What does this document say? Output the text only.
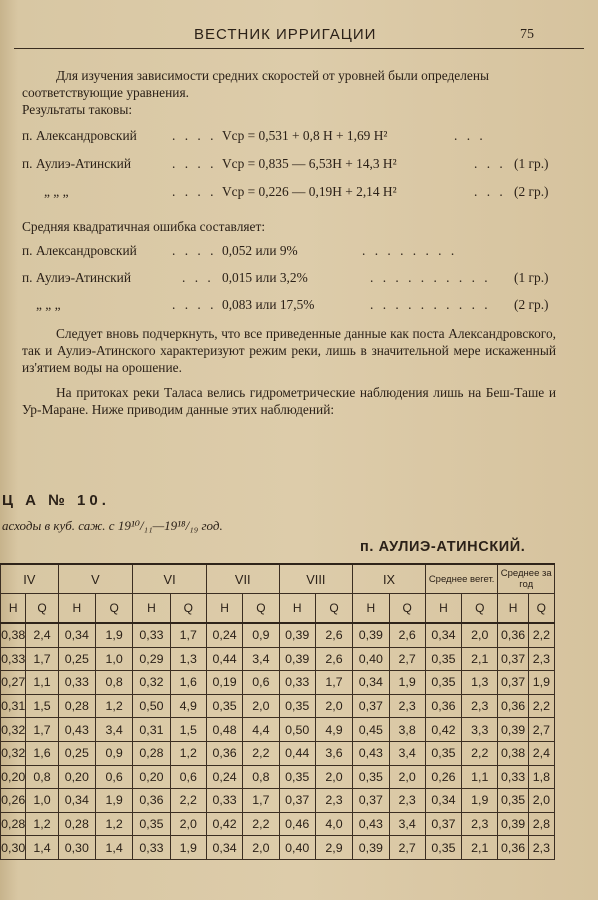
ВЕСТНИК ИРРИГАЦИИ	75
Для изучения зависимости средних скоростей от уровней были определены
соответствующие уравнения.
Результаты таковы:
п. Александровский	. . . . Vср = 0,531 + 0,8 H + 1,69 H²	. . .
п. Аулиэ-Атинский	. . . . Vср = 0,835 — 6,53H + 14,3 H²	. . . (1 гр.)
„ „ „	. . . . Vср = 0,226 — 0,19H + 2,14 H²	. . . (2 гр.)
Средняя квадратичная ошибка составляет:
п. Александровский	. . . . 0,052 или 9%	. . . . . . . .
п. Аулиэ-Атинский	. . . 0,015 или 3,2%	. . . . . . . . . . (1 гр.)
„ „ „	. . . . 0,083 или 17,5%	. . . . . . . . . . (2 гр.)
Следует вновь подчеркнуть, что все приведенные данные как поста Александровского, так и Аулиэ-Атинского характеризуют режим реки, лишь в значительной мере искаженный из'ятием воды на орошение.
На притоках реки Таласа велись гидрометрические наблюдения лишь на Беш-Таше и Ур-Маране. Ниже приводим данные этих наблюдений:
Ц А № 10.
асходы в куб. саж. с 19¹⁰/₁₁—19¹⁸/₁₉ год.
п. АУЛИЭ-АТИНСКИЙ.
IV		V		VI		VII		VIII		IX		Среднее вегет.		Среднее за год	
H	Q	H	Q	H	Q	H	Q	H	Q	H	Q	H	Q	H	Q
0,38	2,4	0,34	1,9	0,33	1,7	0,24	0,9	0,39	2,6	0,39	2,6	0,34	2,0	0,36	2,2
0,33	1,7	0,25	1,0	0,29	1,3	0,44	3,4	0,39	2,6	0,40	2,7	0,35	2,1	0,37	2,3
0,27	1,1	0,33	0,8	0,32	1,6	0,19	0,6	0,33	1,7	0,34	1,9	0,35	1,3	0,37	1,9
0,31	1,5	0,28	1,2	0,50	4,9	0,35	2,0	0,35	2,0	0,37	2,3	0,36	2,3	0,36	2,2
0,32	1,7	0,43	3,4	0,31	1,5	0,48	4,4	0,50	4,9	0,45	3,8	0,42	3,3	0,39	2,7
0,32	1,6	0,25	0,9	0,28	1,2	0,36	2,2	0,44	3,6	0,43	3,4	0,35	2,2	0,38	2,4
0,20	0,8	0,20	0,6	0,20	0,6	0,24	0,8	0,35	2,0	0,35	2,0	0,26	1,1	0,33	1,8
0,26	1,0	0,34	1,9	0,36	2,2	0,33	1,7	0,37	2,3	0,37	2,3	0,34	1,9	0,35	2,0
0,28	1,2	0,28	1,2	0,35	2,0	0,42	2,2	0,46	4,0	0,43	3,4	0,37	2,3	0,39	2,8
0,30	1,4	0,30	1,4	0,33	1,9	0,34	2,0	0,40	2,9	0,39	2,7	0,35	2,1	0,36	2,3
